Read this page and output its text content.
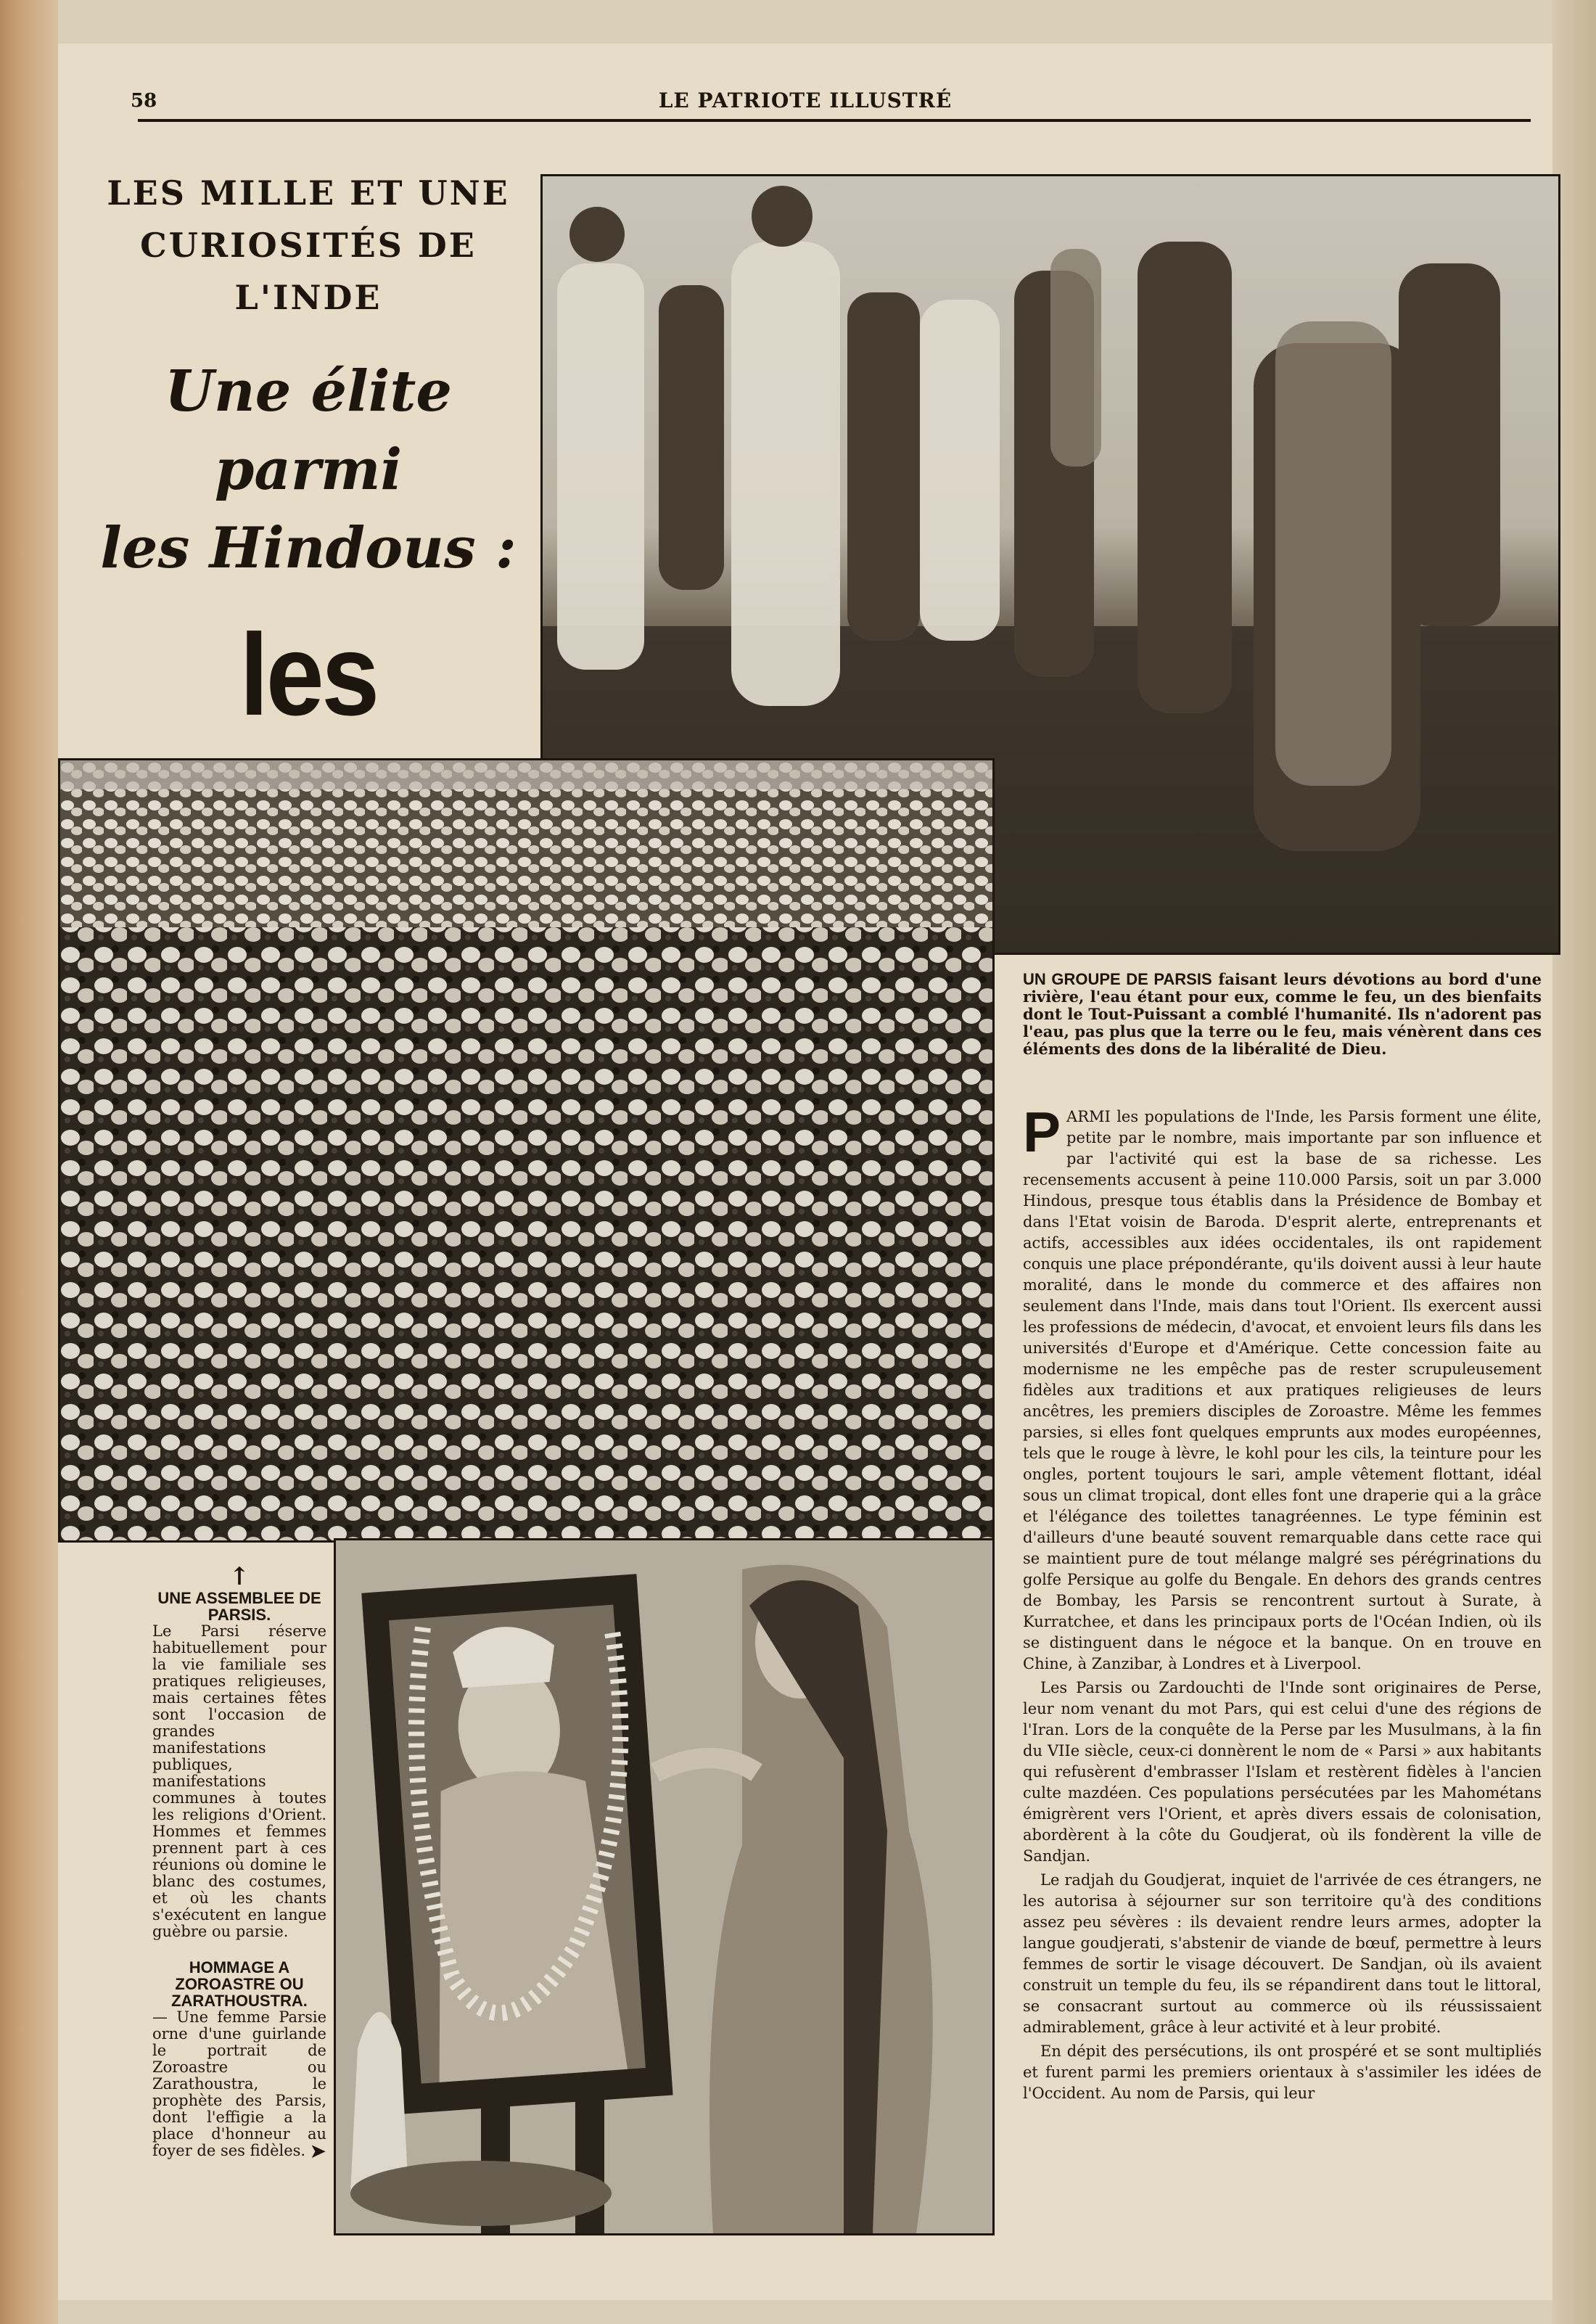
58	LE PATRIOTE ILLUSTRÉ
LES MILLE ET UNE
CURIOSITÉS DE L'INDE
Une élite parmi
les Hindous :
les
UN GROUPE DE PARSIS faisant leurs dévotions au bord d'une rivière, l'eau étant pour eux, comme le feu, un des bienfaits dont le Tout-Puissant a comblé l'humanité. Ils n'adorent pas l'eau, pas plus que la terre ou le feu, mais vénèrent dans ces éléments des dons de la libéralité de Dieu.

P ARMI les populations de l'Inde, les Parsis forment une élite, petite par le nombre, mais importante par son influence et par l'activité qui est la base de sa richesse. Les recensements accusent à peine 110.000 Parsis, soit un par 3.000 Hindous, presque tous établis dans la Présidence de Bombay et dans l'Etat voisin de Baroda. D'esprit alerte, entreprenants et actifs, accessibles aux idées occidentales, ils ont rapidement conquis une place prépondérante, qu'ils doivent aussi à leur haute moralité, dans le monde du commerce et des affaires non seulement dans l'Inde, mais dans tout l'Orient. Ils exercent aussi les professions de médecin, d'avocat, et envoient leurs fils dans les universités d'Europe et d'Amérique. Cette concession faite au modernisme ne les empêche pas de rester scrupuleusement fidèles aux traditions et aux pratiques religieuses de leurs ancêtres, les premiers disciples de Zoroastre. Même les femmes parsies, si elles font quelques emprunts aux modes européennes, tels que le rouge à lèvre, le kohl pour les cils, la teinture pour les ongles, portent toujours le sari, ample vêtement flottant, idéal sous un climat tropical, dont elles font une draperie qui a la grâce et l'élégance des toilettes tanagréennes. Le type féminin est d'ailleurs d'une beauté souvent remarquable dans cette race qui se maintient pure de tout mélange malgré ses pérégrinations du golfe Persique au golfe du Bengale. En dehors des grands centres de Bombay, les Parsis se rencontrent surtout à Surate, à Kurratchee, et dans les principaux ports de l'Océan Indien, où ils se distinguent dans le négoce et la banque. On en trouve en Chine, à Zanzibar, à Londres et à Liverpool.

Les Parsis ou Zardouchti de l'Inde sont originaires de Perse, leur nom venant du mot Pars, qui est celui d'une des régions de l'Iran. Lors de la conquête de la Perse par les Musulmans, à la fin du VIIe siècle, ceux-ci donnèrent le nom de « Parsi » aux habitants qui refusèrent d'embrasser l'Islam et restèrent fidèles à l'ancien culte mazdéen. Ces populations persécutées par les Mahométans émigrèrent vers l'Orient, et après divers essais de colonisation, abordèrent à la côte du Goudjerat, où ils fondèrent la ville de Sandjan.

Le radjah du Goudjerat, inquiet de l'arrivée de ces étrangers, ne les autorisa à séjourner sur son territoire qu'à des conditions assez peu sévères : ils devaient rendre leurs armes, adopter la langue goudjerati, s'abstenir de viande de bœuf, permettre à leurs femmes de sortir le visage découvert. De Sandjan, où ils avaient construit un temple du feu, ils se répandirent dans tout le littoral, se consacrant surtout au commerce où ils réussissaient admirablement, grâce à leur activité et à leur probité.

En dépit des persécutions, ils ont prospéré et se sont multipliés et furent parmi les premiers orientaux à s'assimiler les idées de l'Occident. Au nom de Parsis, qui leur

↑
UNE ASSEMBLEE DE PARSIS.
Le Parsi réserve habituellement pour la vie familiale ses pratiques religieuses, mais certaines fêtes sont l'occasion de grandes manifestations publiques, manifestations communes à toutes les religions d'Orient. Hommes et femmes prennent part à ces réunions où domine le blanc des costumes, et où les chants s'exécutent en langue guèbre ou parsie.
HOMMAGE A ZOROASTRE OU ZARATHOUSTRA.
— Une femme Parsie orne d'une guirlande le portrait de Zoroastre ou Zarathoustra, le prophète des Parsis, dont l'effigie a la place d'honneur au foyer de ses fidèles. ➤
